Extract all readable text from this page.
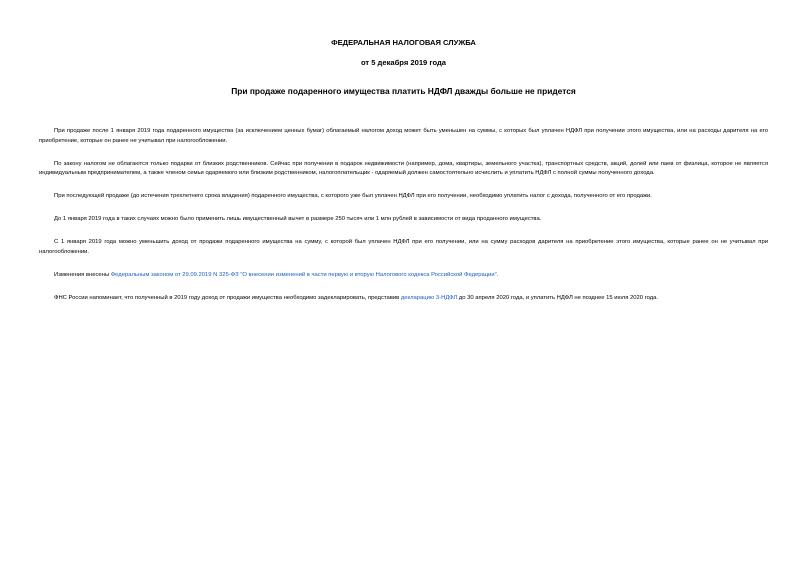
ФЕДЕРАЛЬНАЯ НАЛОГОВАЯ СЛУЖБА
от 5 декабря 2019 года
При продаже подаренного имущества платить НДФЛ дважды больше не придется

При продаже после 1 января 2019 года подаренного имущества (за исключением ценных бумаг) облагаемый налогом доход может быть уменьшен на суммы, с которых был уплачен НДФЛ при получении этого имущества, или на расходы дарителя на его приобретение, которые он ранее не учитывал при налогообложении.

По закону налогом не облагаются только подарки от близких родственников. Сейчас при получении в подарок недвижимости (например, дома, квартиры, земельного участка), транспортных средств, акций, долей или паев от физлица, которое не является индивидуальным предпринимателем, а также членом семьи одаряемого или близким родственником, налогоплательщик - одаряемый должен самостоятельно исчислить и уплатить НДФЛ с полной суммы полученного дохода.

При последующей продаже (до истечения трехлетнего срока владения) подаренного имущества, с которого уже был уплачен НДФЛ при его получении, необходимо уплатить налог с дохода, полученного от его продажи.

До 1 января 2019 года в таких случаях можно было применить лишь имущественный вычет в размере 250 тысяч или 1 млн рублей в зависимости от вида проданного имущества.

С 1 января 2019 года можно уменьшить доход от продажи подаренного имущества на сумму, с которой был уплачен НДФЛ при его получении, или на сумму расходов дарителя на приобретение этого имущества, которые ранее он не учитывал при налогообложении.

Изменения внесены Федеральным законом от 29.09.2019 N 325-ФЗ "О внесении изменений в части первую и вторую Налогового кодекса Российской Федерации".

ФНС России напоминает, что полученный в 2019 году доход от продажи имущества необходимо задекларировать, представив декларацию 3-НДФЛ до 30 апреля 2020 года, и уплатить НДФЛ не позднее 15 июля 2020 года.
